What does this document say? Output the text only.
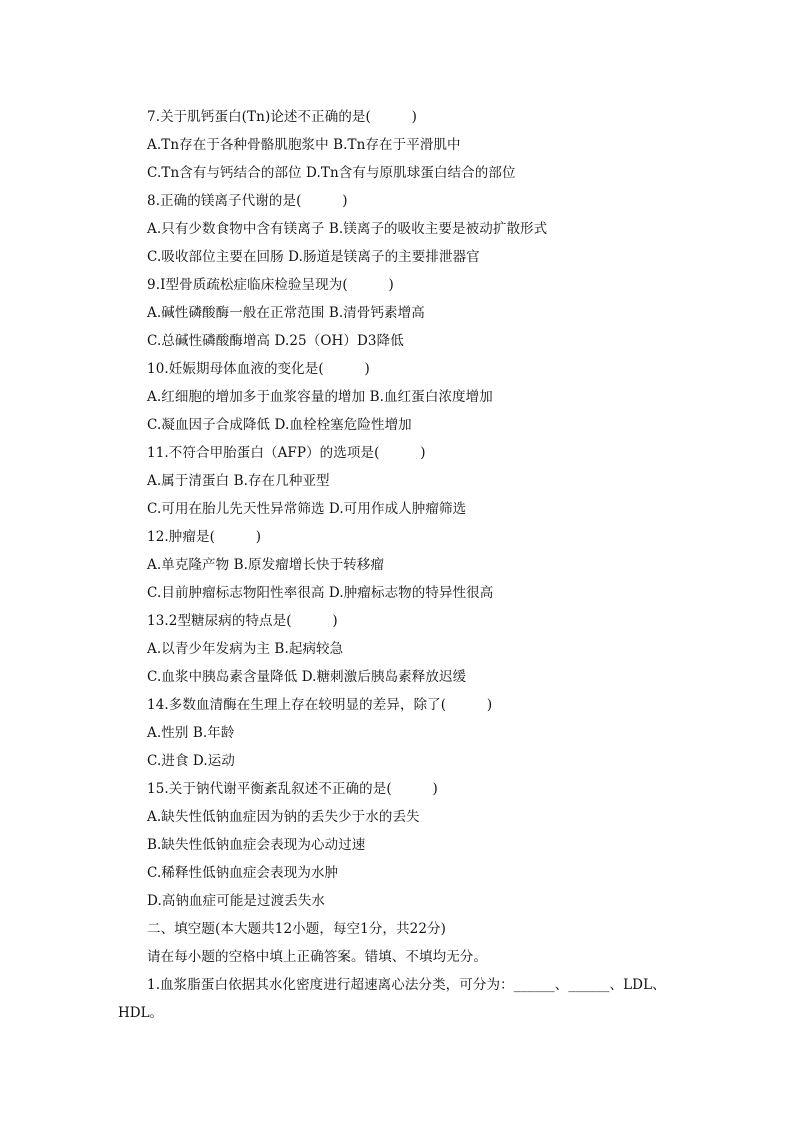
7.关于肌钙蛋白(Tn)论述不正确的是(　　　)
A.Tn存在于各种骨骼肌胞浆中 B.Tn存在于平滑肌中
C.Tn含有与钙结合的部位 D.Tn含有与原肌球蛋白结合的部位
8.正确的镁离子代谢的是(　　　)
A.只有少数食物中含有镁离子 B.镁离子的吸收主要是被动扩散形式
C.吸收部位主要在回肠 D.肠道是镁离子的主要排泄器官
9.Ⅰ型骨质疏松症临床检验呈现为(　　　)
A.碱性磷酸酶一般在正常范围 B.清骨钙素增高
C.总碱性磷酸酶增高 D.25（OH）D3降低
10.妊娠期母体血液的变化是(　　　)
A.红细胞的增加多于血浆容量的增加 B.血红蛋白浓度增加
C.凝血因子合成降低 D.血栓栓塞危险性增加
11.不符合甲胎蛋白（AFP）的选项是(　　　)
A.属于清蛋白 B.存在几种亚型
C.可用在胎儿先天性异常筛选 D.可用作成人肿瘤筛选
12.肿瘤是(　　　)
A.单克隆产物 B.原发瘤增长快于转移瘤
C.目前肿瘤标志物阳性率很高 D.肿瘤标志物的特异性很高
13.2型糖尿病的特点是(　　　)
A.以青少年发病为主 B.起病较急
C.血浆中胰岛素含量降低 D.糖刺激后胰岛素释放迟缓
14.多数血清酶在生理上存在较明显的差异，除了(　　　)
A.性别 B.年龄
C.进食 D.运动
15.关于钠代谢平衡紊乱叙述不正确的是(　　　)
A.缺失性低钠血症因为钠的丢失少于水的丢失
B.缺失性低钠血症会表现为心动过速
C.稀释性低钠血症会表现为水肿
D.高钠血症可能是过渡丢失水
二、填空题(本大题共12小题，每空1分，共22分)
请在每小题的空格中填上正确答案。错填、不填均无分。
1.血浆脂蛋白依据其水化密度进行超速离心法分类，可分为：______、______、LDL、
HDL。
